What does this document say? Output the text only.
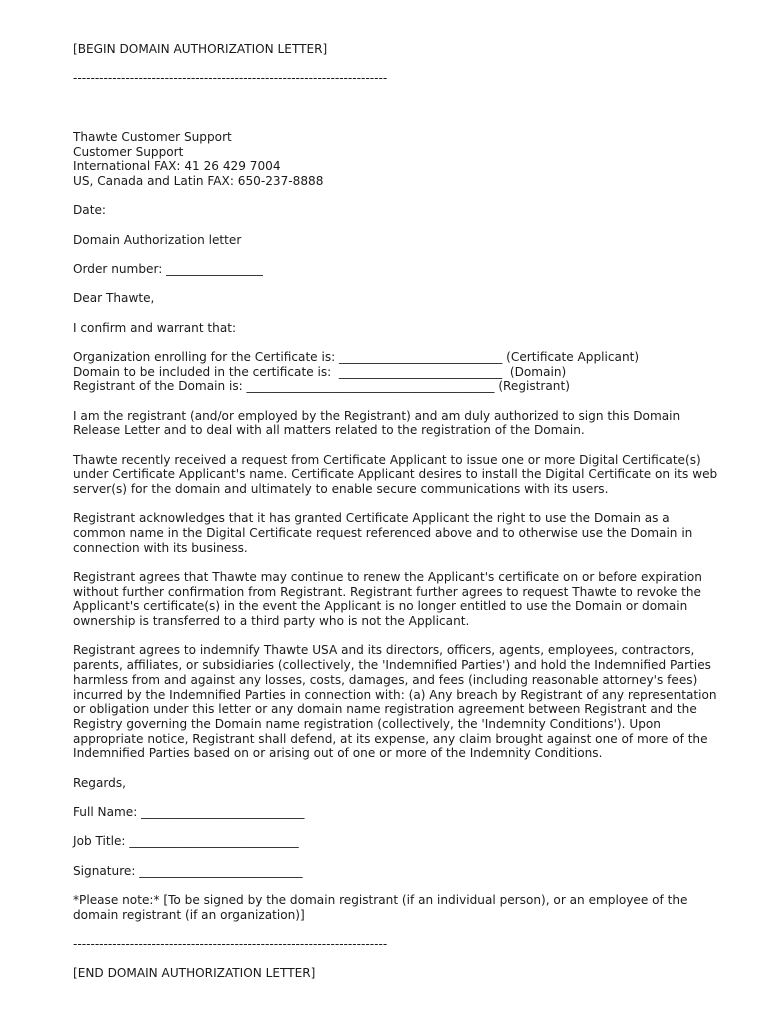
[BEGIN DOMAIN AUTHORIZATION LETTER]
------------------------------------------------------------------------
Thawte Customer Support
Customer Support
International FAX: 41 26 429 7004
US, Canada and Latin FAX: 650-237-8888
Date:
Domain Authorization letter
Order number: ________________
Dear Thawte,
I confirm and warrant that:
Organization enrolling for the Certificate is: ___________________________ (Certificate Applicant)
Domain to be included in the certificate is:  ___________________________  (Domain)
Registrant of the Domain is: _________________________________________ (Registrant)

I am the registrant (and/or employed by the Registrant) and am duly authorized to sign this Domain Release Letter and to deal with all matters related to the registration of the Domain.

Thawte recently received a request from Certificate Applicant to issue one or more Digital Certificate(s) under Certificate Applicant's name. Certificate Applicant desires to install the Digital Certificate on its web server(s) for the domain and ultimately to enable secure communications with its users.

Registrant acknowledges that it has granted Certificate Applicant the right to use the Domain as a common name in the Digital Certificate request referenced above and to otherwise use the Domain in connection with its business.

Registrant agrees that Thawte may continue to renew the Applicant's certificate on or before expiration without further confirmation from Registrant. Registrant further agrees to request Thawte to revoke the Applicant's certificate(s) in the event the Applicant is no longer entitled to use the Domain or domain ownership is transferred to a third party who is not the Applicant.

Registrant agrees to indemnify Thawte USA and its directors, officers, agents, employees, contractors, parents, affiliates, or subsidiaries (collectively, the 'Indemnified Parties') and hold the Indemnified Parties harmless from and against any losses, costs, damages, and fees (including reasonable attorney's fees) incurred by the Indemnified Parties in connection with: (a) Any breach by Registrant of any representation or obligation under this letter or any domain name registration agreement between Registrant and the Registry governing the Domain name registration (collectively, the 'Indemnity Conditions'). Upon appropriate notice, Registrant shall defend, at its expense, any claim brought against one of more of the Indemnified Parties based on or arising out of one or more of the Indemnity Conditions.

Regards,
Full Name: ___________________________
Job Title: ____________________________
Signature: ___________________________

*Please note:* [To be signed by the domain registrant (if an individual person), or an employee of the domain registrant (if an organization)]

------------------------------------------------------------------------
[END DOMAIN AUTHORIZATION LETTER]
